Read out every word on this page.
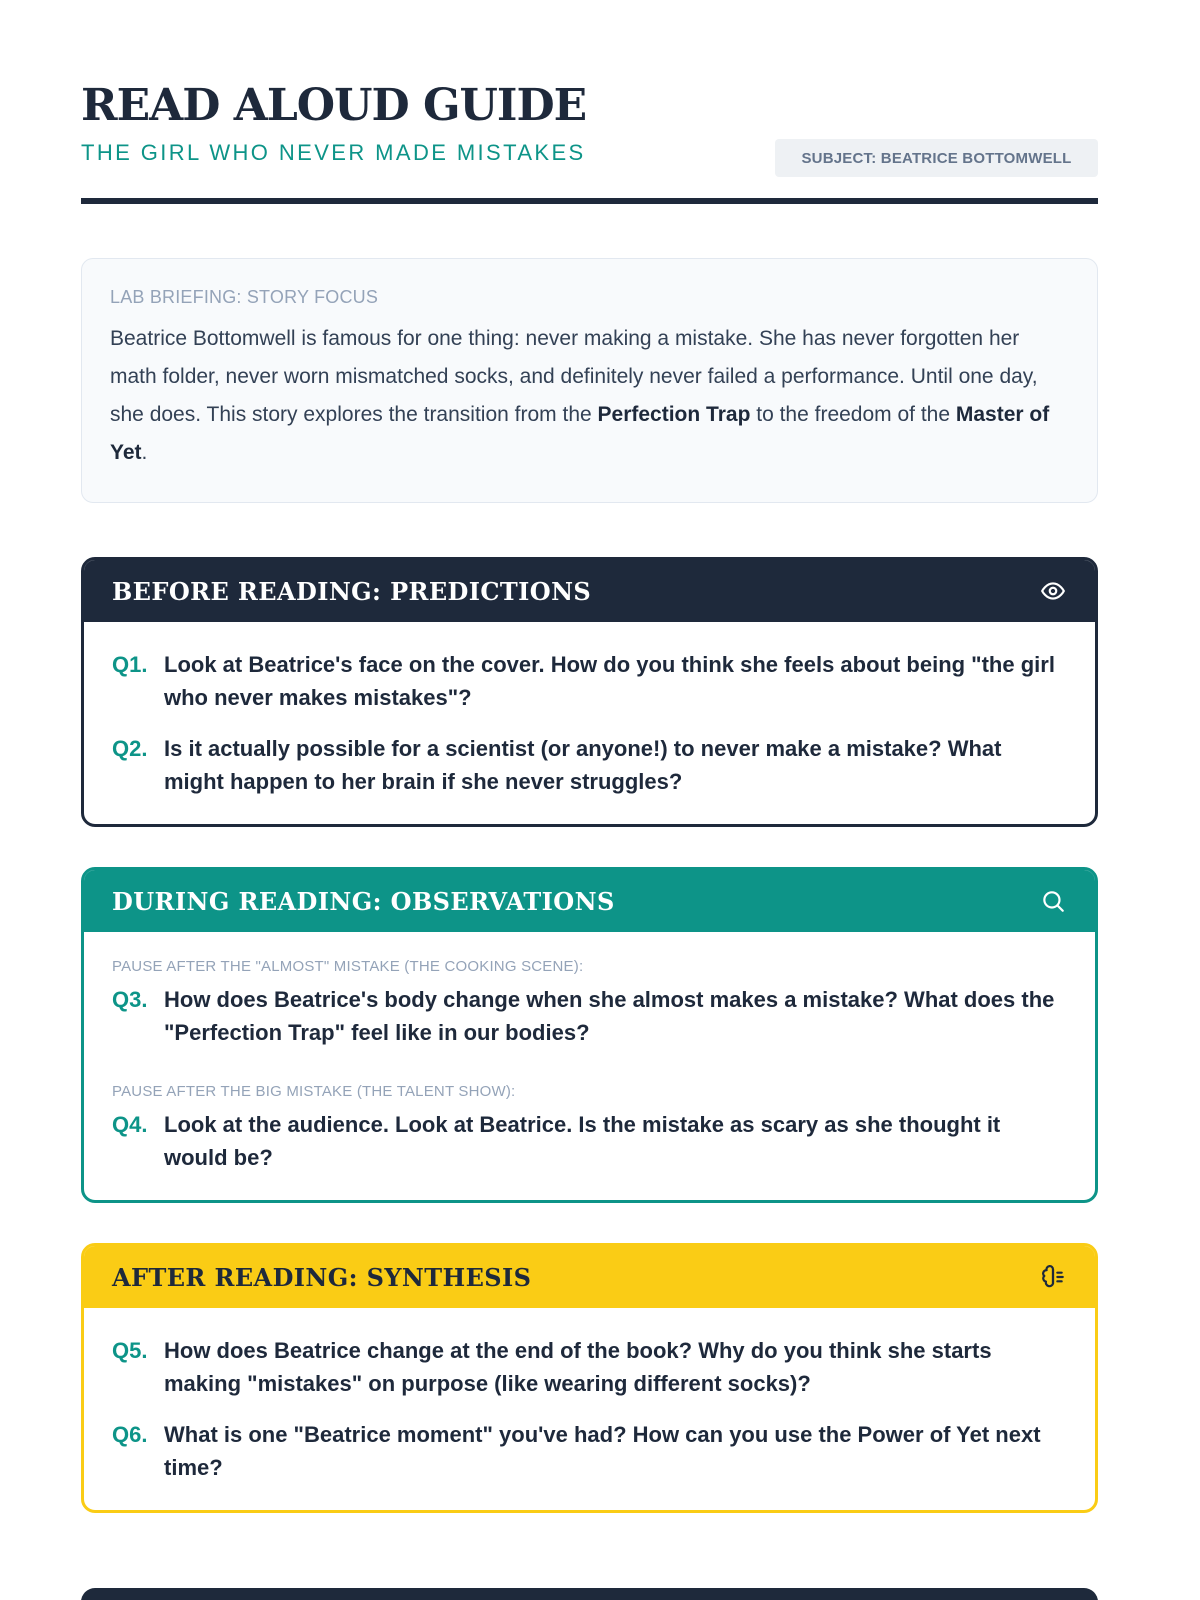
READ ALOUD GUIDE
THE GIRL WHO NEVER MADE MISTAKES	SUBJECT: BEATRICE BOTTOMWELL
LAB BRIEFING: STORY FOCUS

Beatrice Bottomwell is famous for one thing: never making a mistake. She has never forgotten her math folder, never worn mismatched socks, and definitely never failed a performance. Until one day, she does. This story explores the transition from the Perfection Trap to the freedom of the Master of Yet.

BEFORE READING: PREDICTIONS
Q1. Look at Beatrice's face on the cover. How do you think she feels about being "the girl who never makes mistakes"?
Q2. Is it actually possible for a scientist (or anyone!) to never make a mistake? What might happen to her brain if she never struggles?
DURING READING: OBSERVATIONS
PAUSE AFTER THE "ALMOST" MISTAKE (THE COOKING SCENE):
Q3. How does Beatrice's body change when she almost makes a mistake? What does the "Perfection Trap" feel like in our bodies?
PAUSE AFTER THE BIG MISTAKE (THE TALENT SHOW):
Q4. Look at the audience. Look at Beatrice. Is the mistake as scary as she thought it would be?
AFTER READING: SYNTHESIS
Q5. How does Beatrice change at the end of the book? Why do you think she starts making "mistakes" on purpose (like wearing different socks)?
Q6. What is one "Beatrice moment" you've had? How can you use the Power of Yet next time?
